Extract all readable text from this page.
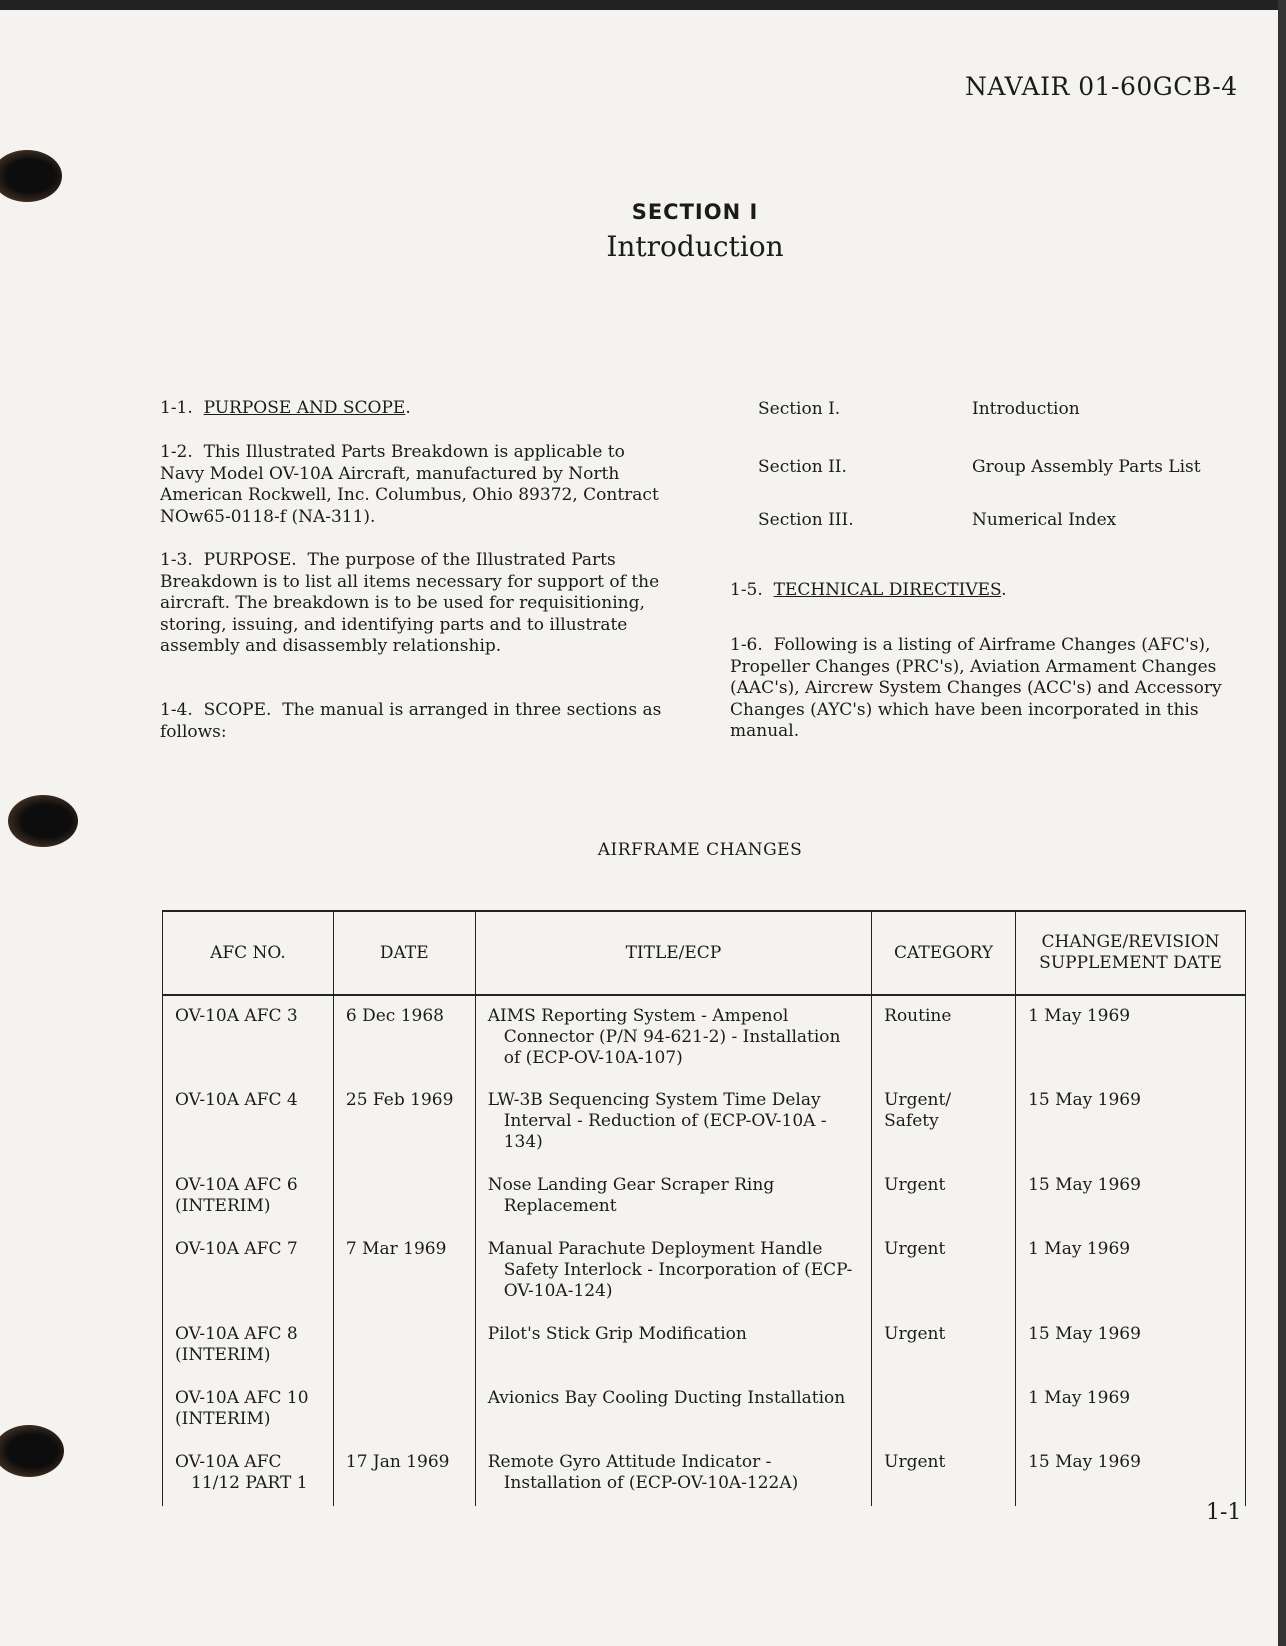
NAVAIR 01-60GCB-4
SECTION I
Introduction
1-1. PURPOSE AND SCOPE.

1-2. This Illustrated Parts Breakdown is applicable to Navy Model OV-10A Aircraft, manufactured by North American Rockwell, Inc. Columbus, Ohio 89372, Contract NOw65-0118-f (NA-311).

1-3. PURPOSE. The purpose of the Illustrated Parts Breakdown is to list all items necessary for support of the aircraft. The breakdown is to be used for requisitioning, storing, issuing, and identifying parts and to illustrate assembly and disassembly relationship.

1-4. SCOPE. The manual is arranged in three sections as follows:

Section I.	Introduction
Section II.	Group Assembly Parts List
Section III.	Numerical Index
1-5. TECHNICAL DIRECTIVES.

1-6. Following is a listing of Airframe Changes (AFC's), Propeller Changes (PRC's), Aviation Armament Changes (AAC's), Aircrew System Changes (ACC's) and Accessory Changes (AYC's) which have been incorporated in this manual.

AIRFRAME CHANGES
AFC NO.	DATE	TITLE/ECP	CATEGORY	CHANGE/REVISION
SUPPLEMENT DATE
OV-10A AFC 3	6 Dec 1968	AIMS Reporting System - Ampenol Connector (P/N 94-621-2) - Installation of (ECP-OV-10A-107)	Routine	1 May 1969
OV-10A AFC 4	25 Feb 1969	LW-3B Sequencing System Time Delay Interval - Reduction of (ECP-OV-10A - 134)	Urgent/ Safety	15 May 1969
OV-10A AFC 6
(INTERIM)		Nose Landing Gear Scraper Ring Replacement	Urgent	15 May 1969
OV-10A AFC 7	7 Mar 1969	Manual Parachute Deployment Handle Safety Interlock - Incorporation of (ECP-OV-10A-124)	Urgent	1 May 1969
OV-10A AFC 8
(INTERIM)		Pilot's Stick Grip Modification	Urgent	15 May 1969
OV-10A AFC 10
(INTERIM)		Avionics Bay Cooling Ducting Installation		1 May 1969
OV-10A AFC
11/12 PART 1	17 Jan 1969	Remote Gyro Attitude Indicator - Installation of (ECP-OV-10A-122A)	Urgent	15 May 1969
1-1
